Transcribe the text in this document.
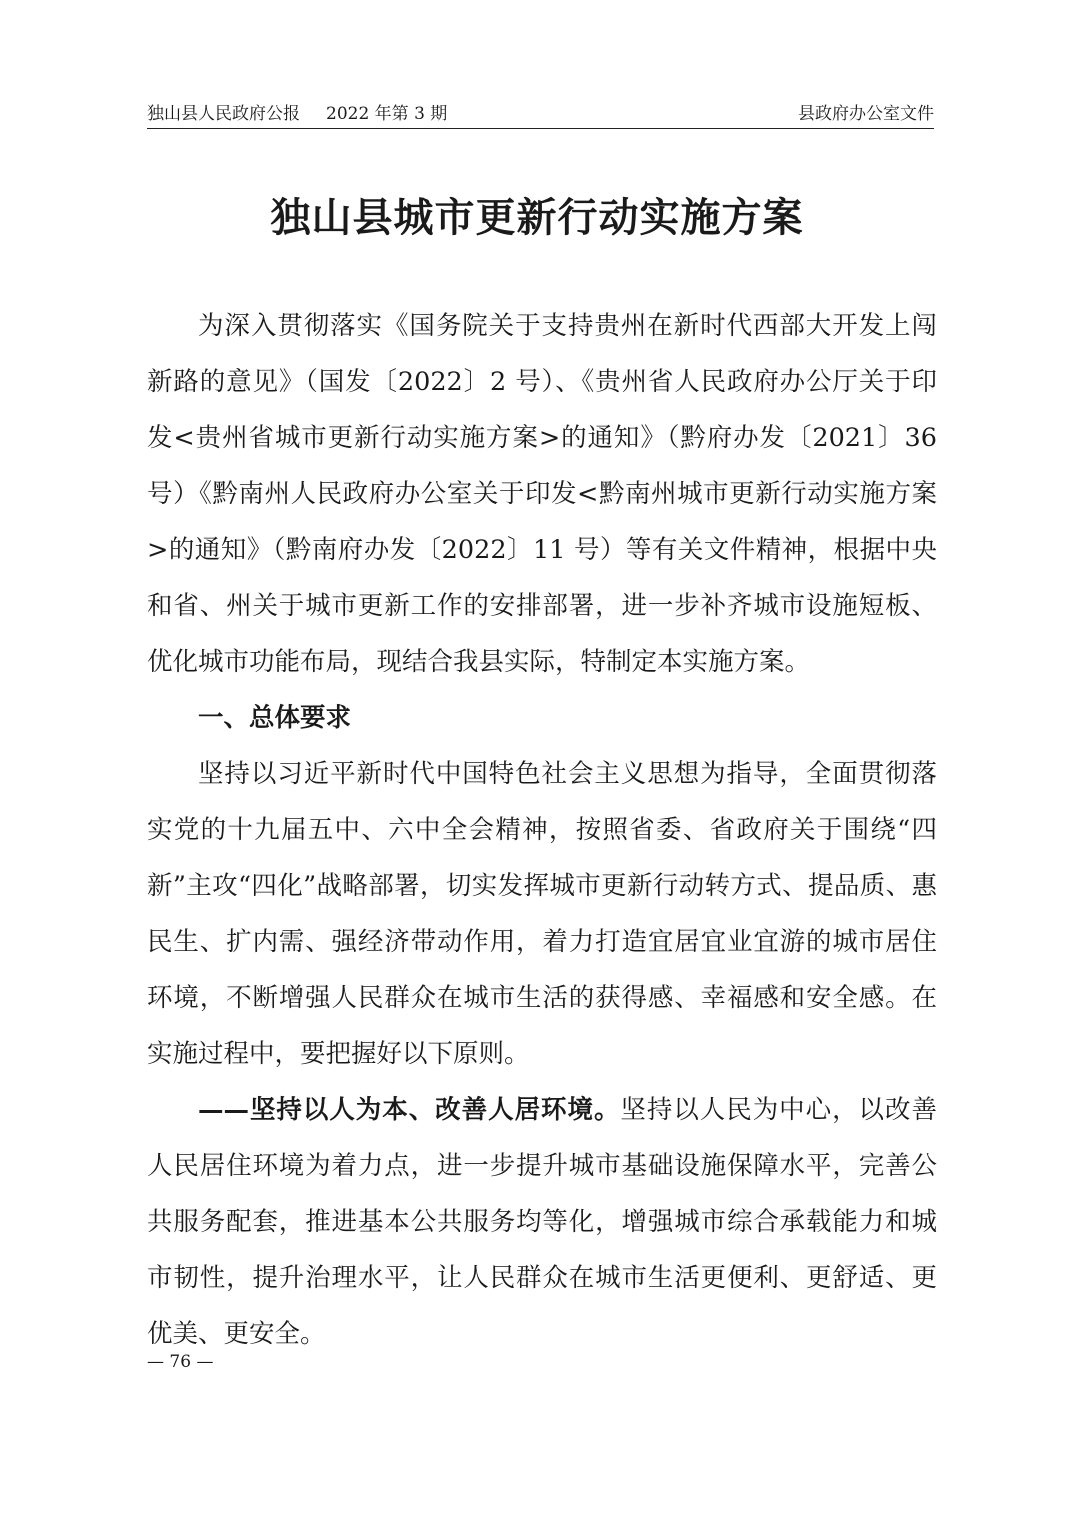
独山县人民政府公报 2022 年第 3 期	县政府办公室文件
独山县城市更新行动实施方案

为深入贯彻落实《国务院关于支持贵州在新时代西部大开发上闯新路的意见》（国发〔2022〕2 号）、《贵州省人民政府办公厅关于印发<贵州省城市更新行动实施方案>的通知》（黔府办发〔2021〕36 号）《黔南州人民政府办公室关于印发<黔南州城市更新行动实施方案>的通知》（黔南府办发〔2022〕11 号）等有关文件精神，根据中央和省、州关于城市更新工作的安排部署，进一步补齐城市设施短板、优化城市功能布局，现结合我县实际，特制定本实施方案。

一、总体要求

坚持以习近平新时代中国特色社会主义思想为指导，全面贯彻落实党的十九届五中、六中全会精神，按照省委、省政府关于围绕“四新”主攻“四化”战略部署，切实发挥城市更新行动转方式、提品质、惠民生、扩内需、强经济带动作用，着力打造宜居宜业宜游的城市居住环境，不断增强人民群众在城市生活的获得感、幸福感和安全感。在实施过程中，要把握好以下原则。

——坚持以人为本、改善人居环境。坚持以人民为中心，以改善人民居住环境为着力点，进一步提升城市基础设施保障水平，完善公共服务配套，推进基本公共服务均等化，增强城市综合承载能力和城市韧性，提升治理水平，让人民群众在城市生活更便利、更舒适、更优美、更安全。

— 76 —
